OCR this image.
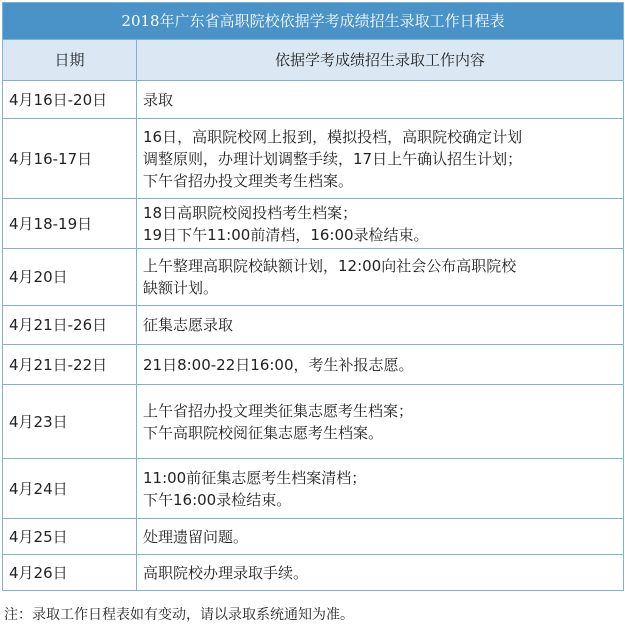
2018年广东省高职院校依据学考成绩招生录取工作日程表	
日期	依据学考成绩招生录取工作内容
4月16日-20日	录取

4月16-17日	16日，高职院校网上报到，模拟投档，高职院校确定计划
调整原则，办理计划调整手续，17日上午确认招生计划；
下午省招办投文理类考生档案。

4月18-19日	18日高职院校阅投档考生档案；
19日下午11:00前清档，16:00录检结束。

4月20日	上午整理高职院校缺额计划，12:00向社会公布高职院校
缺额计划。

4月21日-26日	征集志愿录取

4月21日-22日	21日8:00-22日16:00，考生补报志愿。

4月23日	上午省招办投文理类征集志愿考生档案；
下午高职院校阅征集志愿考生档案。

4月24日	11:00前征集志愿考生档案清档；
下午16:00录检结束。

4月25日	处理遗留问题。

4月26日	高职院校办理录取手续。
注：录取工作日程表如有变动，请以录取系统通知为准。
